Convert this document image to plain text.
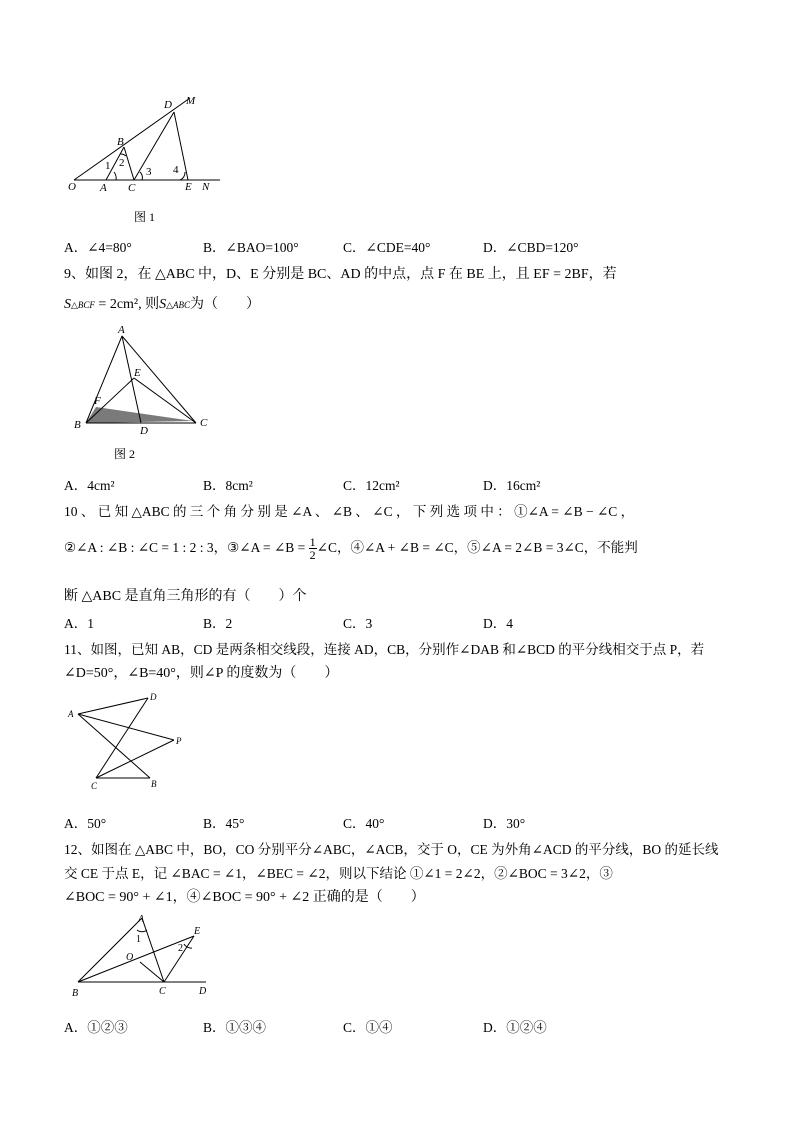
D M
B
O A C	E N
1 2
3 4
图 1
A．∠4=80°	B．∠BAO=100°	C．∠CDE=40°	D．∠CBD=120°
9、如图 2，在 △ABC 中，D、E 分别是 BC、AD 的中点，点 F 在 BE 上，且 EF = 2BF，若
S△BCF = 2cm², 则S△ABC为（　　）
A
E
F
B	D
C
图 2
A．4cm²	B．8cm²	C．12cm²	D．16cm²
10 、 已 知 △ABC 的 三 个 角 分 别 是 ∠A 、 ∠B 、 ∠C ， 下 列 选 项 中 ： ①∠A = ∠B − ∠C ，
②∠A : ∠B : ∠C = 1 : 2 : 3，③∠A = ∠B = $\frac{1}{2}$ ∠C，④∠A + ∠B = ∠C，⑤∠A = 2∠B = 3∠C，不能判
断 △ABC 是直角三角形的有（　　）个
A．1	B．2	C．3	D．4
11、如图，已知 AB，CD 是两条相交线段，连接 AD，CB，分别作∠DAB 和∠BCD 的平分线相交于点 P，若
∠D=50°，∠B=40°，则∠P 的度数为（　　）
A
D
P
C	B
A．50°	B．45°	C．40°	D．30°
12、如图在 △ABC 中，BO，CO 分别平分∠ABC，∠ACB，交于 O，CE 为外角∠ACD 的平分线，BO 的延长线
交 CE 于点 E，记 ∠BAC = ∠1，∠BEC = ∠2，则以下结论 ①∠1 = 2∠2，②∠BOC = 3∠2，③
∠BOC = 90° + ∠1，④∠BOC = 90° + ∠2 正确的是（　　）
A
E
O
B	C	D
1
2
A．①②③	B．①③④	C．①④	D．①②④
